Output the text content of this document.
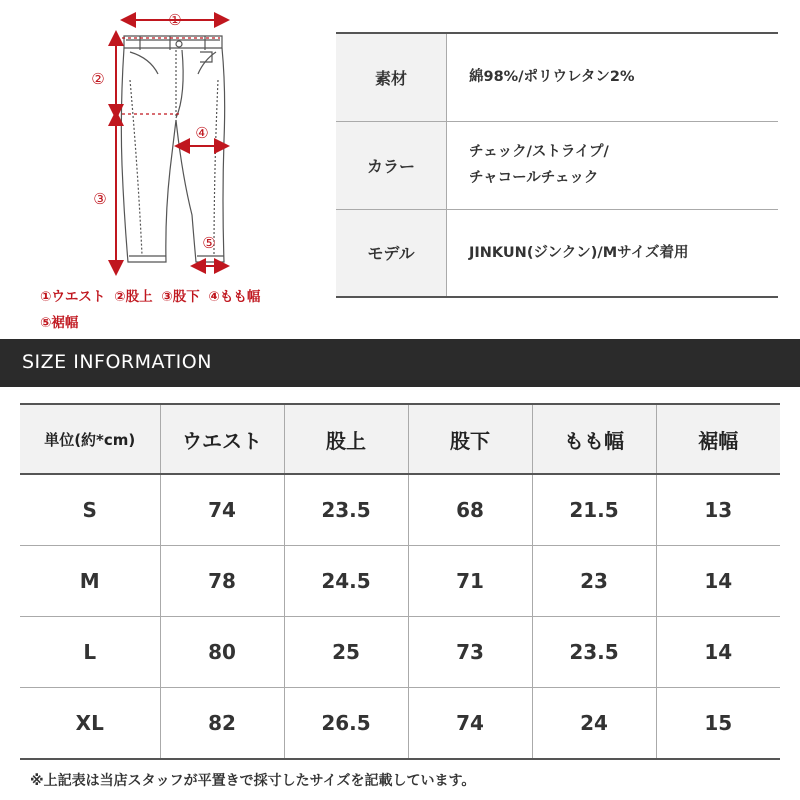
①
②
③
④
⑤
①ウエスト ②股上 ③股下 ④もも幅
⑤裾幅
素材	綿98%/ポリウレタン2%

カラー	チェック/ストライプ/
チャコールチェック

モデル	JINKUN(ジンクン)/Mサイズ着用
SIZE INFORMATION
単位(約*cm)	ウエスト	股上	股下	もも幅	裾幅
S	74	23.5	68	21.5	13
M	78	24.5	71	23	14
L	80	25	73	23.5	14
XL	82	26.5	74	24	15
※上記表は当店スタッフが平置きで採寸したサイズを記載しています。
